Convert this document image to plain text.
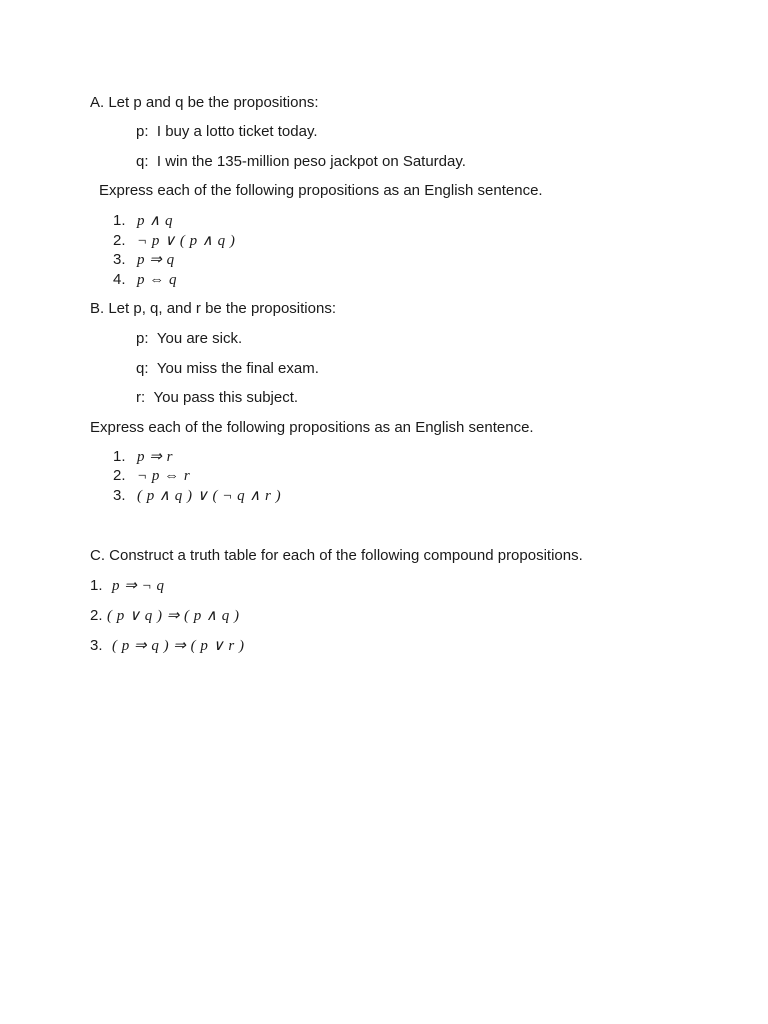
A. Let p and q be the propositions:
p: I buy a lotto ticket today.
q: I win the 135-million peso jackpot on Saturday.
Express each of the following propositions as an English sentence.
1. p ∧ q
2. ¬ p ∨ ( p ∧ q )
3. p ⇒ q
4. p ⇔ q
B. Let p, q, and r be the propositions:
p: You are sick.
q: You miss the final exam.
r: You pass this subject.
Express each of the following propositions as an English sentence.
1. p ⇒ r
2. ¬ p ⇔ r
3. ( p ∧ q ) ∨ ( ¬ q ∧ r )
C. Construct a truth table for each of the following compound propositions.
1. p ⇒ ¬ q
2. ( p ∨ q ) ⇒ ( p ∧ q )
3. ( p ⇒ q ) ⇒ ( p ∨ r )
